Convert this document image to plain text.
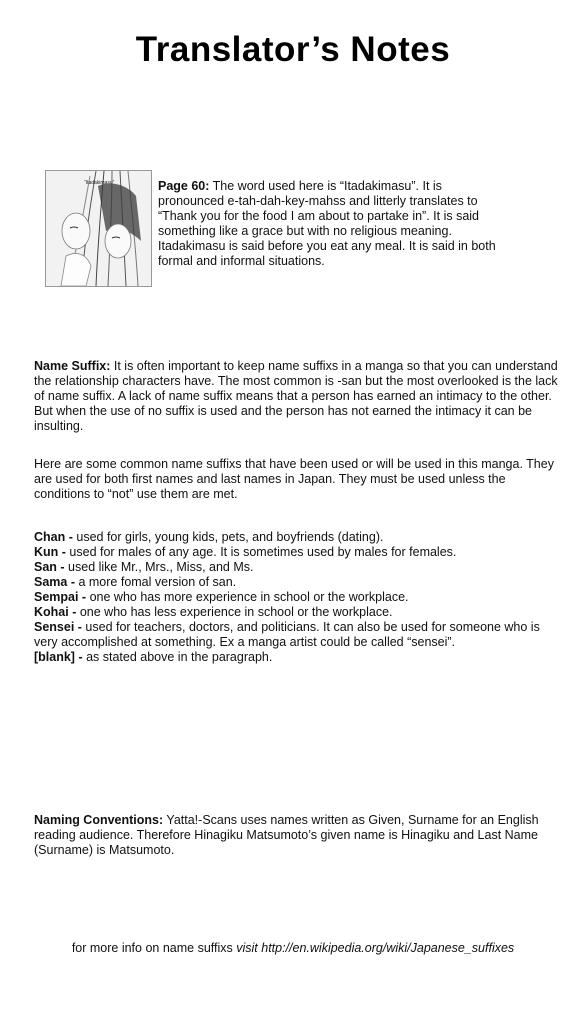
Translator’s Notes
“Itadakimasu”	Page 60: The word used here is “Itadakimasu”. It is pronounced e-tah-dah-key-mahss and litterly translates to “Thank you for the food I am about to partake in”. It is said something like a grace but with no religious meaning. Itadakimasu is said before you eat any meal. It is said in both formal and informal situations.
Name Suffix: It is often important to keep name suffixs in a manga so that you can understand the relationship characters have. The most common is -san but the most overlooked is the lack of name suffix. A lack of name suffix means that a person has earned an intimacy to the other. But when the use of no suffix is used and the person has not earned the intimacy it can be insulting.
Here are some common name suffixs that have been used or will be used in this manga. They are used for both first names and last names in Japan. They must be used unless the conditions to “not” use them are met.
Chan - used for girls, young kids, pets, and boyfriends (dating).
Kun - used for males of any age. It is sometimes used by males for females.
San - used like Mr., Mrs., Miss, and Ms.
Sama - a more fomal version of san.
Sempai - one who has more experience in school or the workplace.
Kohai - one who has less experience in school or the workplace.
Sensei - used for teachers, doctors, and politicians. It can also be used for someone who is very accomplished at something. Ex a manga artist could be called “sensei”.
[blank] - as stated above in the paragraph.
Naming Conventions: Yatta!-Scans uses names written as Given, Surname for an English reading audience. Therefore Hinagiku Matsumoto’s given name is Hinagiku and Last Name (Surname) is Matsumoto.
for more info on name suffixs visit http://en.wikipedia.org/wiki/Japanese_suffixes
